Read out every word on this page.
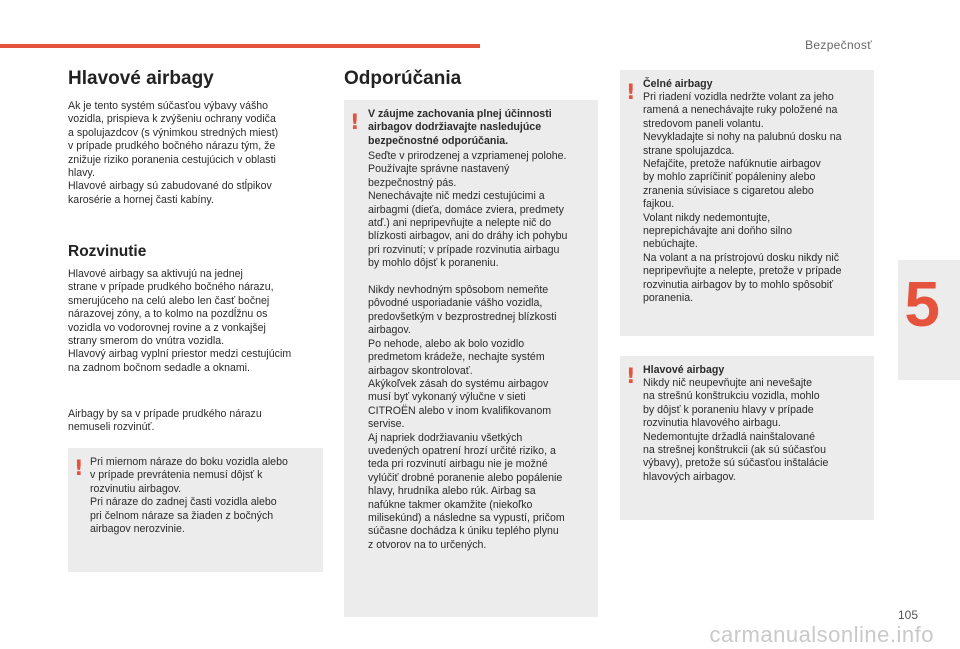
Bezpečnosť
5
Hlavové airbagy

Ak je tento systém súčasťou výbavy vášho
vozidla, prispieva k zvýšeniu ochrany vodiča
a spolujazdcov (s výnimkou stredných miest)
v prípade prudkého bočného nárazu tým, že
znižuje riziko poranenia cestujúcich v oblasti
hlavy.
Hlavové airbagy sú zabudované do stĺpikov
karosérie a hornej časti kabíny.

Rozvinutie

Hlavové airbagy sa aktivujú na jednej
strane v prípade prudkého bočného nárazu,
smerujúceho na celú alebo len časť bočnej
nárazovej zóny, a to kolmo na pozdĺžnu os
vozidla vo vodorovnej rovine a z vonkajšej
strany smerom do vnútra vozidla.
Hlavový airbag vyplní priestor medzi cestujúcim
na zadnom bočnom sedadle a oknami.

Airbagy by sa v prípade prudkého nárazu
nemuseli rozvinúť.

! Pri miernom náraze do boku vozidla alebo
v prípade prevrátenia nemusí dôjsť k
rozvinutiu airbagov.
Pri náraze do zadnej časti vozidla alebo
pri čelnom náraze sa žiaden z bočných
airbagov nerozvinie.

Odporúčania
! V záujme zachovania plnej účinnosti
airbagov dodržiavajte nasledujúce
bezpečnostné odporúčania.

Seďte v prirodzenej a vzpriamenej polohe.
Používajte správne nastavený
bezpečnostný pás.
Nenechávajte nič medzi cestujúcimi a
airbagmi (dieťa, domáce zviera, predmety
atď.) ani nepripevňujte a nelepte nič do
blízkosti airbagov, ani do dráhy ich pohybu
pri rozvinutí; v prípade rozvinutia airbagu
by mohlo dôjsť k poraneniu.

Nikdy nevhodným spôsobom nemeňte
pôvodné usporiadanie vášho vozidla,
predovšetkým v bezprostrednej blízkosti
airbagov.
Po nehode, alebo ak bolo vozidlo
predmetom krádeže, nechajte systém
airbagov skontrolovať.
Akýkoľvek zásah do systému airbagov
musí byť vykonaný výlučne v sieti
CITROËN alebo v inom kvalifikovanom
servise.
Aj napriek dodržiavaniu všetkých
uvedených opatrení hrozí určité riziko, a
teda pri rozvinutí airbagu nie je možné
vylúčiť drobné poranenie alebo popálenie
hlavy, hrudníka alebo rúk. Airbag sa
nafúkne takmer okamžite (niekoľko
milisekúnd) a následne sa vypustí, pričom
súčasne dochádza k úniku teplého plynu
z otvorov na to určených.

! Čelné airbagy

Pri riadení vozidla nedržte volant za jeho
ramená a nenechávajte ruky položené na
stredovom paneli volantu.
Nevykladajte si nohy na palubnú dosku na
strane spolujazdca.
Nefajčite, pretože nafúknutie airbagov
by mohlo zapríčiniť popáleniny alebo
zranenia súvisiace s cigaretou alebo
fajkou.
Volant nikdy nedemontujte,
neprepichávajte ani doňho silno
nebúchajte.
Na volant a na prístrojovú dosku nikdy nič
nepripevňujte a nelepte, pretože v prípade
rozvinutia airbagov by to mohlo spôsobiť
poranenia.

! Hlavové airbagy

Nikdy nič neupevňujte ani nevešajte
na strešnú konštrukciu vozidla, mohlo
by dôjsť k poraneniu hlavy v prípade
rozvinutia hlavového airbagu.
Nedemontujte držadlá nainštalované
na strešnej konštrukcii (ak sú súčasťou
výbavy), pretože sú súčasťou inštalácie
hlavových airbagov.

105
carmanualsonline.info
